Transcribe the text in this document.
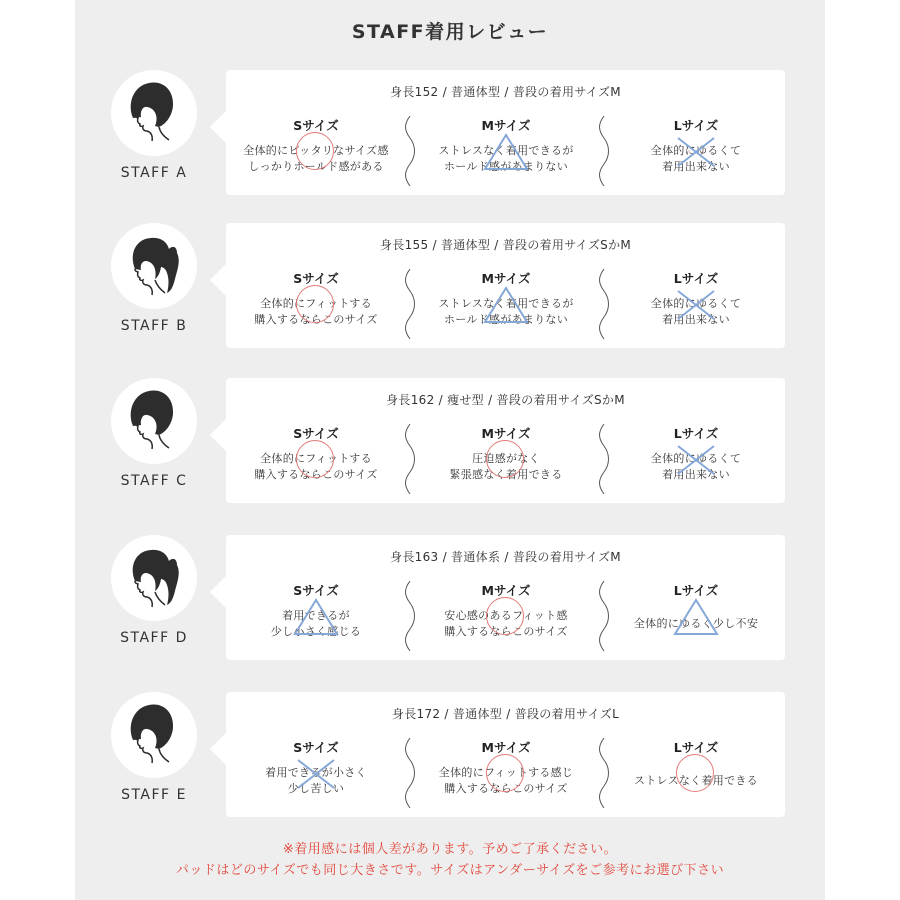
STAFF着用レビュー
STAFF A
身長152 / 普通体型 / 普段の着用サイズM
Sサイズ
全体的にピッタリなサイズ感
しっかりホールド感がある
Mサイズ
ストレスなく着用できるが
ホールド感があまりない
Lサイズ
全体的にゆるくて
着用出来ない
STAFF B
身長155 / 普通体型 / 普段の着用サイズSかM
Sサイズ
全体的にフィットする
購入するならこのサイズ
Mサイズ
ストレスなく着用できるが
ホールド感があまりない
Lサイズ
全体的にゆるくて
着用出来ない
STAFF C
身長162 / 痩せ型 / 普段の着用サイズSかM
Sサイズ
全体的にフィットする
購入するならこのサイズ
Mサイズ
圧迫感がなく
緊張感なく着用できる
Lサイズ
全体的にゆるくて
着用出来ない
STAFF D
身長163 / 普通体系 / 普段の着用サイズM
Sサイズ
着用できるが
少し小さく感じる
Mサイズ
安心感のあるフィット感
購入するならこのサイズ
Lサイズ
全体的にゆるく少し不安
STAFF E
身長172 / 普通体型 / 普段の着用サイズL
Sサイズ
着用できるが小さく
少し苦しい
Mサイズ
全体的にフィットする感じ
購入するならこのサイズ
Lサイズ
ストレスなく着用できる
※着用感には個人差があります。予めご了承ください。
パッドはどのサイズでも同じ大きさです。サイズはアンダーサイズをご参考にお選び下さい
